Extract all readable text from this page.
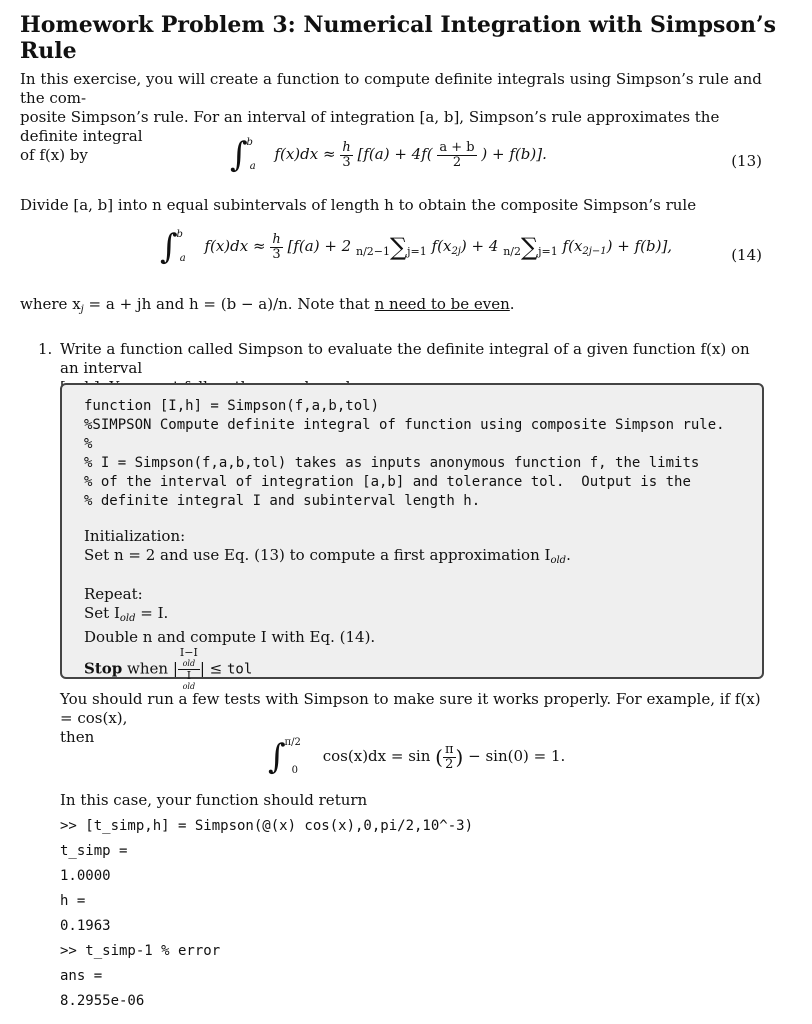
Homework Problem 3: Numerical Integration with Simpson’s Rule

In this exercise, you will create a function to compute definite integrals using Simpson’s rule and the com-
posite Simpson’s rule. For an interval of integration [a, b], Simpson’s rule approximates the definite integral
of f(x) by	∫ $^b$ $_a$ $f(x)dx \approx \frac{h}{3} [f(a) + 4f( \frac{a + b}{2}$ ) + f(b)].	(13)

Divide [a, b] into n equal subintervals of length h to obtain the composite Simpson’s rule

∫ $^b$ $_a$ $f(x)dx \approx \frac{h}{3} [f(a) + 2$ n/2−1∑j=1 $f(x_{2j}) + 4$ n/2∑j=1 $f(x_{2j-1}) + f(b)$],	(14)

where $x_j = a$ + jh and h = (b − a)/n. Note that n need to be even.

1. Write a function called Simpson to evaluate the definite integral of a given function f(x) on an interval

function [I,h] = Simpson(f,a,b,tol)
%SIMPSON Compute definite integral of function using composite Simpson rule.
%
% I = Simpson(f,a,b,tol) takes as inputs anonymous function f, the limits
% of the interval of integration [a,b] and tolerance tol.  Output is the
% definite integral I and subinterval length h.
Initialization:
Set n = 2 and use Eq. (13) to compute a first approximation $I_{old}$.
Repeat:
Set $I_{old} = I$.
Double n and compute I with Eq. (14).
Stop when | I−I
old
I
old | ≤ tol

You should run a few tests with Simpson to make sure it works properly. For example, if f(x) = cos(x),
then	∫ $^{\pi/2}$ $_0$ cos(x)dx = sin ( $\frac{\pi}{2}$ ) − sin(0) = 1.

In this case, your function should return

>> [t_simp,h] = Simpson(@(x) cos(x),0,pi/2,10^-3)
t_simp =
1.0000
h =
0.1963
>> t_simp-1 % error
ans =
8.2955e-06
